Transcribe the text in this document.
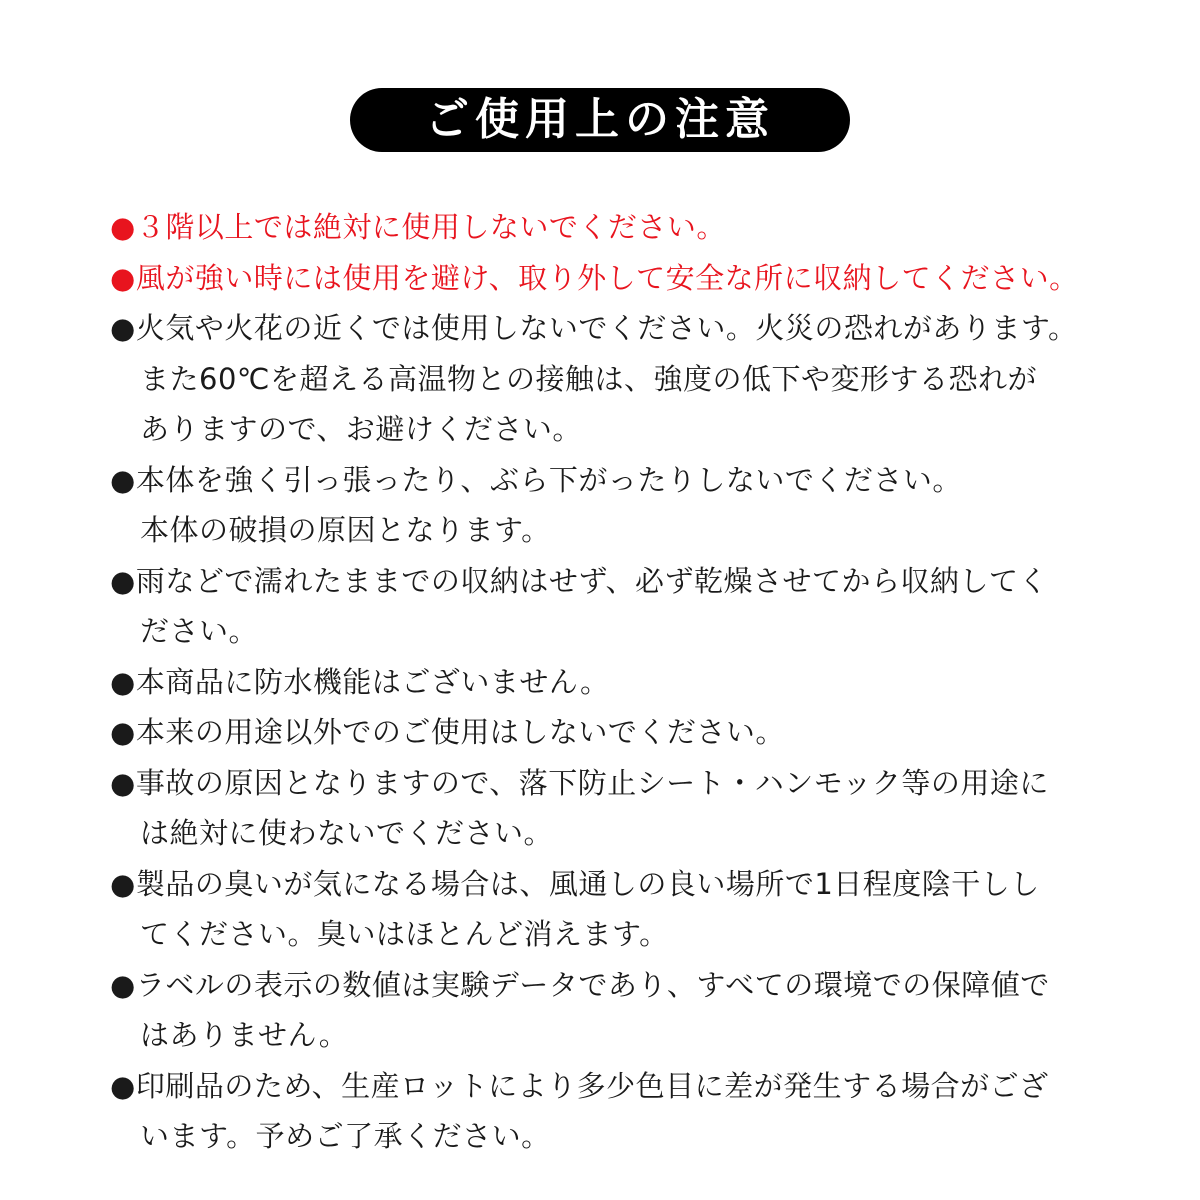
ご使用上の注意
●３階以上では絶対に使用しないでください。
●風が強い時には使用を避け、取り外して安全な所に収納してください。
●火気や火花の近くでは使用しないでください。火災の恐れがあります。
また60℃を超える高温物との接触は、強度の低下や変形する恐れが
ありますので、お避けください。
●本体を強く引っ張ったり、ぶら下がったりしないでください。
本体の破損の原因となります。
●雨などで濡れたままでの収納はせず、必ず乾燥させてから収納してく
ださい。
●本商品に防水機能はございません。
●本来の用途以外でのご使用はしないでください。
●事故の原因となりますので、落下防止シート・ハンモック等の用途に
は絶対に使わないでください。
●製品の臭いが気になる場合は、風通しの良い場所で1日程度陰干しし
てください。臭いはほとんど消えます。
●ラベルの表示の数値は実験データであり、すべての環境での保障値で
はありません。
●印刷品のため、生産ロットにより多少色目に差が発生する場合がござ
います。予めご了承ください。
